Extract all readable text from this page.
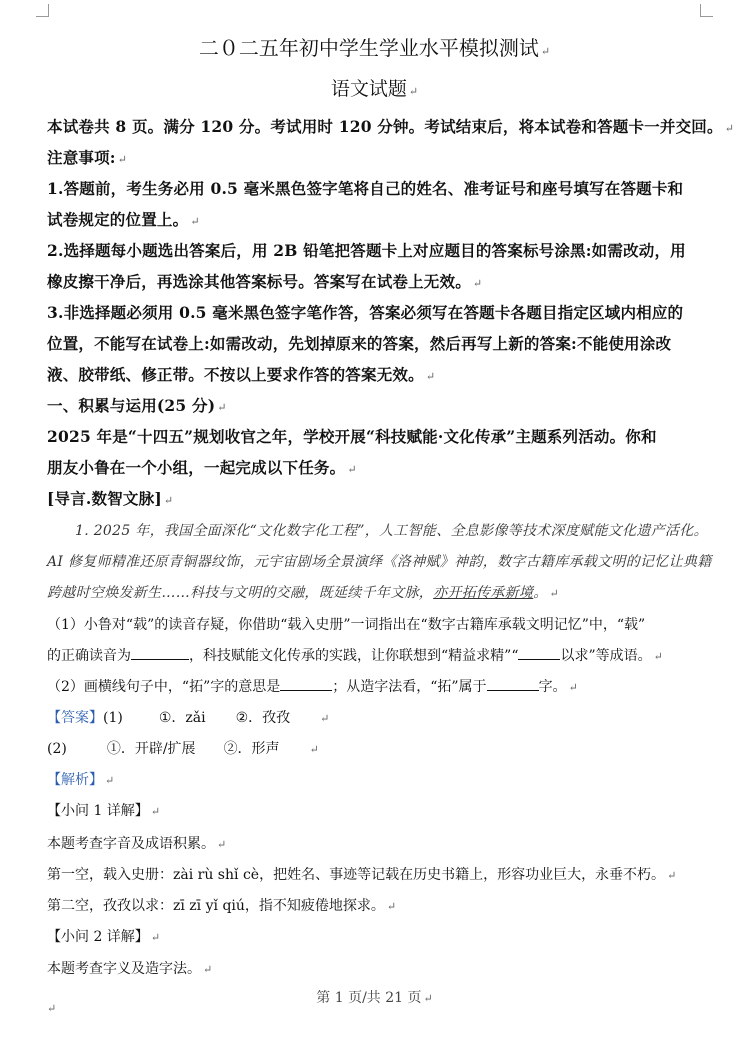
二０二五年初中学生学业水平模拟测试 ↵
语文试题 ↵
本试卷共 8 页。满分 120 分。考试用时 120 分钟。考试结束后，将本试卷和答题卡一并交回。 ↵
注意事项: ↵
1.答题前，考生务必用 0.5 毫米黑色签字笔将自己的姓名、准考证号和座号填写在答题卡和
试卷规定的位置上。 ↵
2.选择题每小题选出答案后，用 2B 铅笔把答题卡上对应题目的答案标号涂黑:如需改动，用
橡皮擦干净后，再选涂其他答案标号。答案写在试卷上无效。 ↵
3.非选择题必须用 0.5 毫米黑色签字笔作答，答案必须写在答题卡各题目指定区域内相应的
位置，不能写在试卷上:如需改动，先划掉原来的答案，然后再写上新的答案:不能使用涂改
液、胶带纸、修正带。不按以上要求作答的答案无效。 ↵
一、积累与运用(25 分) ↵
2025 年是“十四五”规划收官之年，学校开展“科技赋能·文化传承”主题系列活动。你和
朋友小鲁在一个小组，一起完成以下任务。 ↵
[导言.数智文脉] ↵
1. 2025 年，我国全面深化“文化数字化工程”，人工智能、全息影像等技术深度赋能文化遗产活化。
AI 修复师精准还原青铜器纹饰，元宇宙剧场全景演绎《洛神赋》神韵，数字古籍库承载文明的记忆让典籍
跨越时空焕发新生……科技与文明的交融，既延续千年文脉，亦开拓传承新境。 ↵
（1）小鲁对“载”的读音存疑，你借助“载入史册”一词指出在“数字古籍库承载文明记忆”中，“载”
的正确读音为	，科技赋能文化传承的实践，让你联想到“精益求精”“	以求”等成语。 ↵
（2）画横线句子中，“拓”字的意思是	；从造字法看，“拓”属于	字。 ↵
【答案】(1)	①．zǎi ②．孜孜	↵
(2)	①．开辟/扩展 ②．形声	↵
【解析】 ↵
【小问 1 详解】 ↵
本题考查字音及成语积累。 ↵
第一空，载入史册：zài rù shǐ cè，把姓名、事迹等记载在历史书籍上，形容功业巨大，永垂不朽。 ↵
第二空，孜孜以求：zī zī yǐ qiú，指不知疲倦地探求。 ↵
【小问 2 详解】 ↵
本题考查字义及造字法。 ↵
第 1 页/共 21 页 ↵
↵
